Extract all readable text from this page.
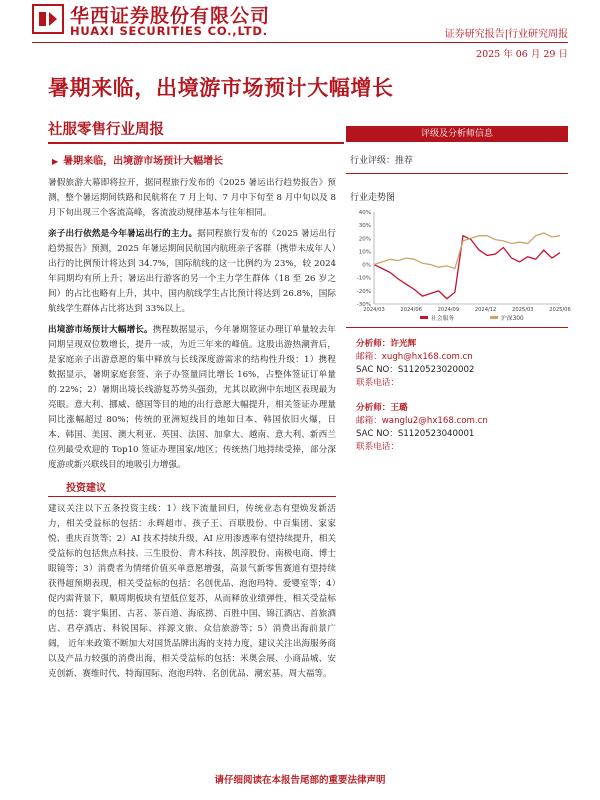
华西证券股份有限公司
HUAXI SECURITIES CO.,LTD.	证券研究报告|行业研究周报
2025 年 06 月 29 日
暑期来临，出境游市场预计大幅增长
社服零售行业周报
▶ 暑期来临，出境游市场预计大幅增长

暑假旅游大幕即将拉开，据同程旅行发布的《2025 暑运出行趋势报告》预测，整个暑运期间铁路和民航将在 7 月上旬、7 月中下旬至 8 月中旬以及 8 月下旬出现三个客流高峰，客流波动规律基本与往年相同。

亲子出行依然是今年暑运出行的主力。据同程旅行发布的《2025 暑运出行趋势报告》预测，2025 年暑运期间民航国内航班亲子客群（携带未成年人）出行的比例预计将达到 34.7%，国际航线的这一比例约为 23%，较 2024 年同期均有所上升；暑运出行游客的另一个主力学生群体（18 至 26 岁之间）的占比也略有上升，其中，国内航线学生占比预计将达到 26.8%，国际航线学生群体占比将达到 33%以上。

出境游市场预计大幅增长。携程数据显示，今年暑期签证办理订单量较去年同期呈现双位数增长，提升一成，为近三年来的峰值。这股出游热潮背后，是家庭亲子出游意愿的集中释放与长线深度游需求的结构性升级：1）携程数据显示，暑期家庭套签、亲子办签量同比增长 16%，占整体签证订单量的 22%；2）暑期出境长线游复苏势头强劲，尤其以欧洲中东地区表现最为亮眼。意大利、挪威、德国等目的地的出行意愿大幅提升，相关签证办理量同比涨幅超过 80%；传统的亚洲短线目的地如日本、韩国依旧火爆，日本、韩国、美国、澳大利亚、英国、法国、加拿大、越南、意大利、新西兰位列最受欢迎的 Top10 签证办理国家/地区；传统热门地持续受捧，部分深度游或新兴联线目的地吸引力增强。

投资建议

建议关注以下五条投资主线：1）线下流量回归，传统业态有望焕发新活力，相关受益标的包括：永辉超市、孩子王、百联股份、中百集团、家家悦、重庆百货等；2）AI 技术持续升级，AI 应用渗透率有望持续提升，相关受益标的包括焦点科技、三生股份、青木科技、凯淳股份、南极电商、博士眼镜等；3）消费者为情绪价值买单意愿增强，高景气新零售赛道有望持续获得超预期表现，相关受益标的包括：名创优品、泡泡玛特、爱婴室等；4）促内需背景下，顺周期板块有望低位复苏，从而释放业绩弹性，相关受益标的包括：寰宇集团、古茗、茶百道、海底捞、百胜中国、锦江酒店、首旅酒店、君亭酒店、科锐国际、祥源文旅、众信旅游等；5）消费出海前景广阔， 近年来政策不断加大对国货品牌出海的支持力度，建议关注出海服务商以及产品力较强的消费出海，相关受益标的包括：米奥会展、小商品城、安克创新、赛维时代、特海国际、泡泡玛特、名创优品、潮宏基、周大福等。

评级及分析师信息
行业评级：推荐
行业走势图
40%
30%
20%
10%
0%
-10%
-20%
-30%
2024/03	2024/06	2024/09	2024/12	2025/03	2025/06
社会服务	沪深300
分析师：许光辉
邮箱：xugh@hx168.com.cn
SAC NO：S1120523020002
联系电话：
分析师：王璐
邮箱：wanglu2@hx168.com.cn
SAC NO：S1120523040001
联系电话：
请仔细阅读在本报告尾部的重要法律声明
